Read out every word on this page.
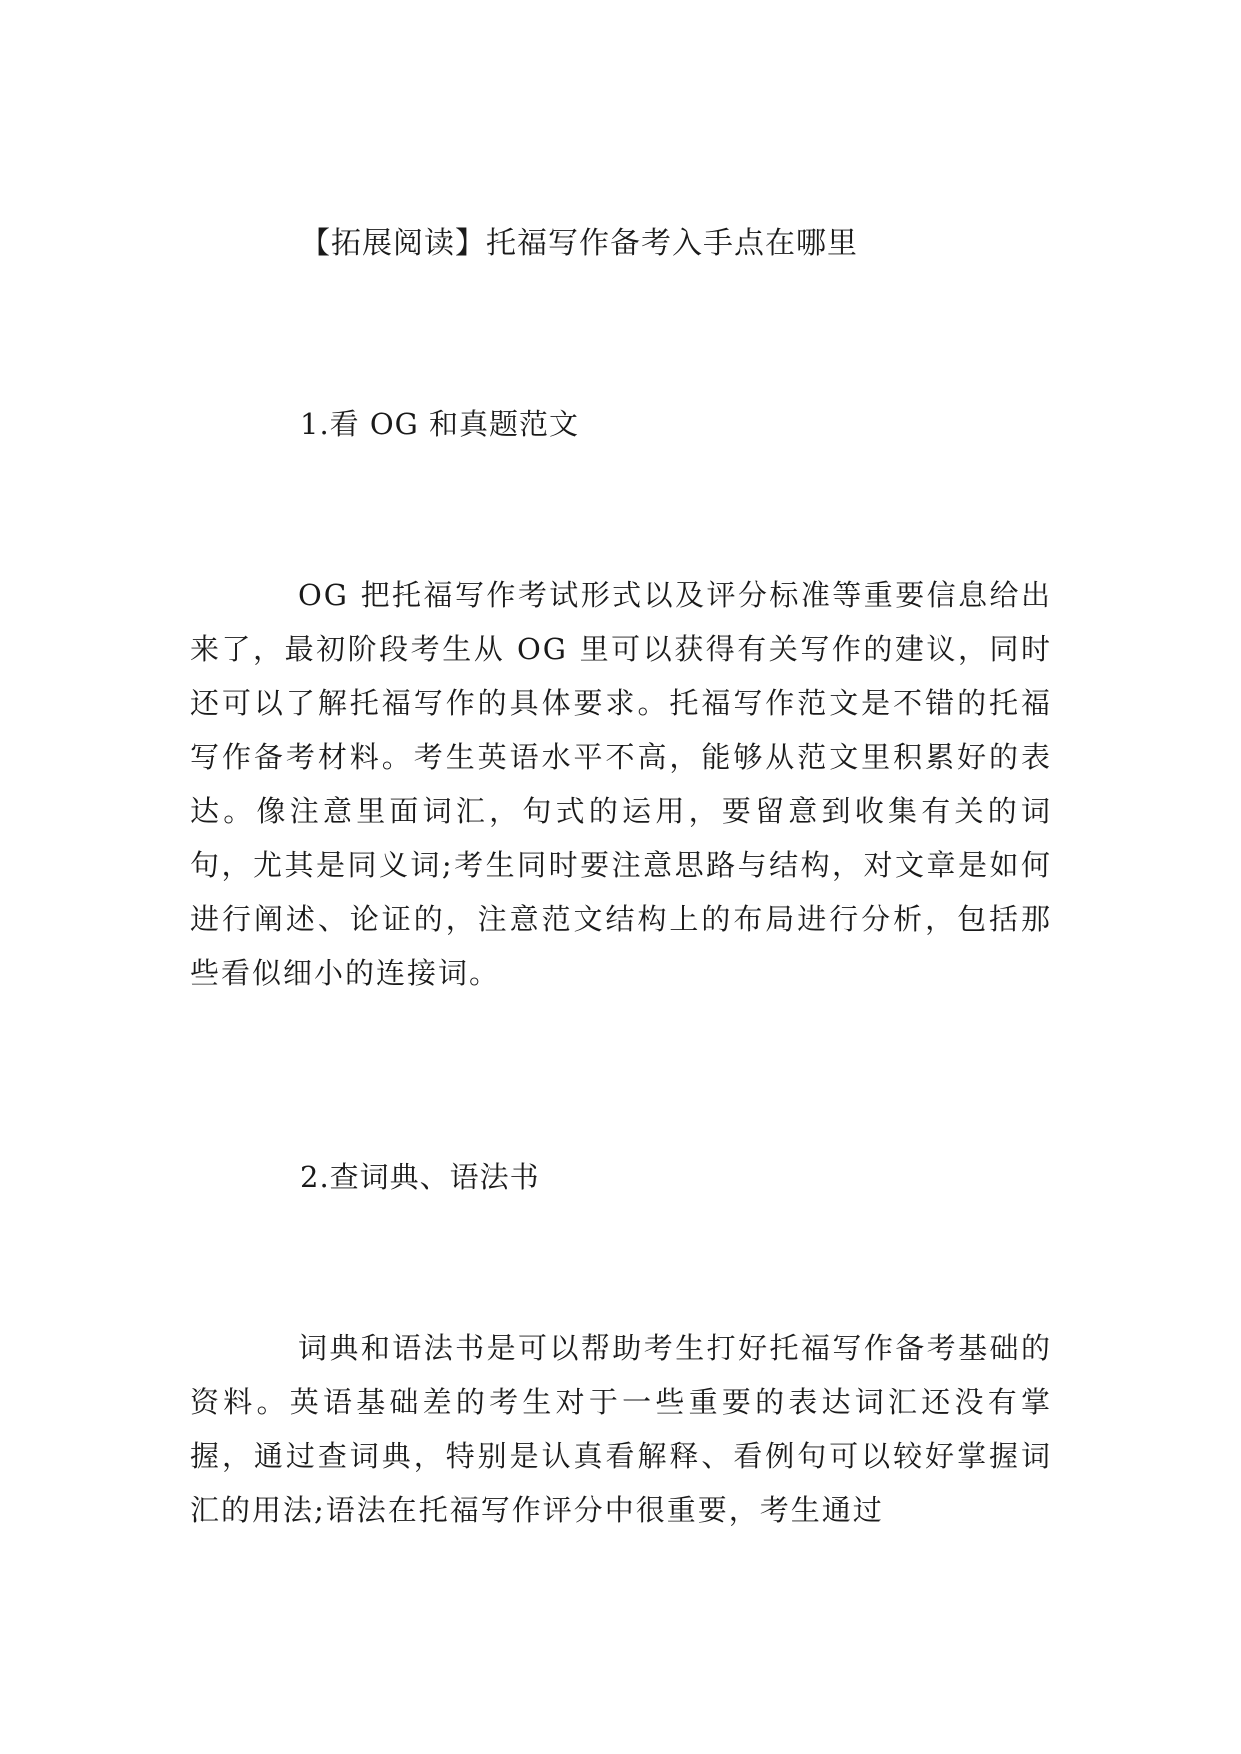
【拓展阅读】托福写作备考入手点在哪里
1.看 OG 和真题范文

OG 把托福写作考试形式以及评分标准等重要信息给出来了，最初阶段考生从 OG 里可以获得有关写作的建议，同时还可以了解托福写作的具体要求。托福写作范文是不错的托福写作备考材料。考生英语水平不高，能够从范文里积累好的表达。像注意里面词汇，句式的运用，要留意到收集有关的词句，尤其是同义词;考生同时要注意思路与结构，对文章是如何进行阐述、论证的，注意范文结构上的布局进行分析，包括那些看似细小的连接词。

2.查词典、语法书

词典和语法书是可以帮助考生打好托福写作备考基础的资料。英语基础差的考生对于一些重要的表达词汇还没有掌握，通过查词典，特别是认真看解释、看例句可以较好掌握词汇的用法;语法在托福写作评分中很重要，考生通过
